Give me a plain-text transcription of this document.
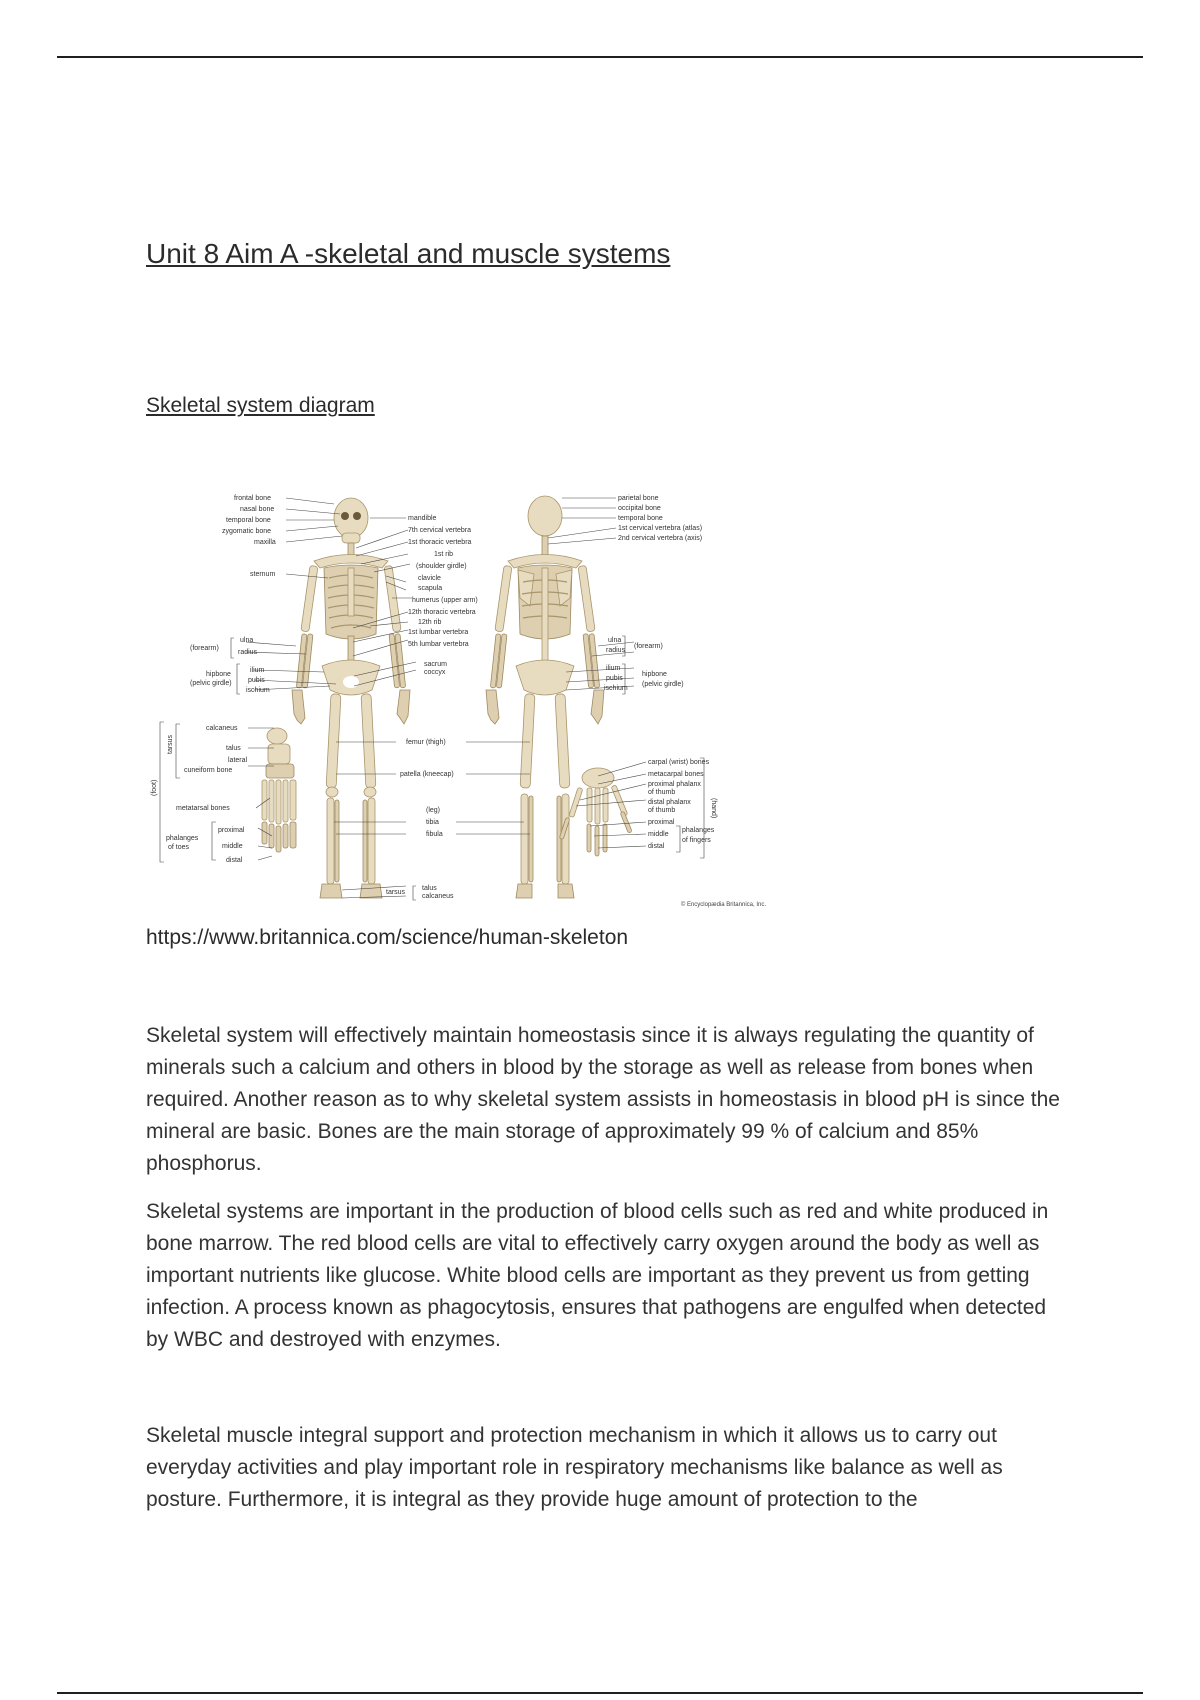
Unit 8 Aim A -skeletal and muscle systems
Skeletal system diagram
frontal bone
nasal bone
temporal bone
zygomatic bone
maxilla
sternum
(forearm)
ulna
radius
hipbone
(pelvic girdle)
ilium
pubis
ischium
mandible
7th cervical vertebra
1st thoracic vertebra
1st rib
(shoulder girdle)
clavicle
scapula
humerus (upper arm)
12th thoracic vertebra
12th rib
1st lumbar vertebra
5th lumbar vertebra
sacrum
coccyx
parietal bone
occipital bone
temporal bone
1st cervical vertebra (atlas)
2nd cervical vertebra (axis)
ulna
radius
(forearm)
ilium
pubis
ischium
hipbone
(pelvic girdle)
calcaneus
talus
lateral
cuneiform bone
tarsus
(foot)
metatarsal bones
proximal
middle
distal
phalanges
of toes
femur (thigh)
patella (kneecap)
(leg)
tibia
fibula
tarsus
talus
calcaneus
carpal (wrist) bones
metacarpal bones
proximal phalanx
of thumb
distal phalanx
of thumb
proximal
middle
distal
phalanges
of fingers
(hand)
© Encyclopædia Britannica, Inc.
https://www.britannica.com/science/human-skeleton

Skeletal system will effectively maintain homeostasis since it is always regulating the quantity of minerals such a calcium and others in blood by the storage as well as release from bones when required. Another reason as to why skeletal system assists in homeostasis in blood pH is since the mineral are basic. Bones are the main storage of approximately 99 % of calcium and 85% phosphorus.

Skeletal systems are important in the production of blood cells such as red and white produced in bone marrow. The red blood cells are vital to effectively carry oxygen around the body as well as important nutrients like glucose. White blood cells are important as they prevent us from getting infection. A process known as phagocytosis, ensures that pathogens are engulfed when detected by WBC and destroyed with enzymes.

Skeletal muscle integral support and protection mechanism in which it allows us to carry out everyday activities and play important role in respiratory mechanisms like balance as well as posture. Furthermore, it is integral as they provide huge amount of protection to the
